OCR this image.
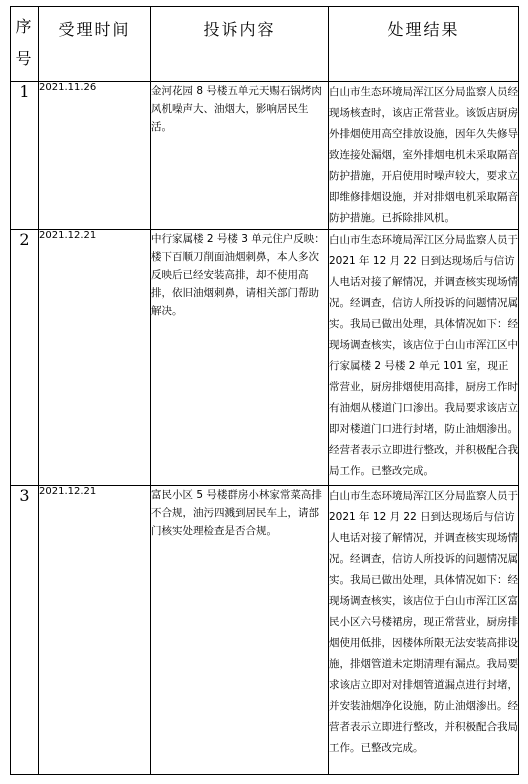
序号	受理时间	投诉内容	处理结果
1	2021.11.26	金河花园 8 号楼五单元天赐石锅烤肉风机噪声大、油烟大，影响居民生活。	白山市生态环境局浑江区分局监察人员经现场核查时，该店正常营业。该饭店厨房外排烟使用高空排放设施，因年久失修导致连接处漏烟，室外排烟电机未采取隔音防护措施，开启使用时噪声较大，要求立即维修排烟设施，并对排烟电机采取隔音防护措施。已拆除排风机。
2	2021.12.21	中行家属楼 2 号楼 3 单元住户反映：楼下百顺刀削面油烟刺鼻，本人多次反映后已经安装高排，却不使用高排，依旧油烟刺鼻，请相关部门帮助解决。	白山市生态环境局浑江区分局监察人员于 2021 年 12 月 22 日到达现场后与信访人电话对接了解情况，并调查核实现场情况。经调查，信访人所投诉的问题情况属实。我局已做出处理，具体情况如下：经现场调查核实，该店位于白山市浑江区中行家属楼 2 号楼 2 单元 101 室，现正常营业，厨房排烟使用高排，厨房工作时有油烟从楼道门口渗出。我局要求该店立即对楼道门口进行封堵，防止油烟渗出。经营者表示立即进行整改，并积极配合我局工作。已整改完成。
3	2021.12.21	富民小区 5 号楼群房小林家常菜高排不合规，油污四溅到居民车上，请部门核实处理检查是否合规。	白山市生态环境局浑江区分局监察人员于 2021 年 12 月 22 日到达现场后与信访人电话对接了解情况，并调查核实现场情况。经调查，信访人所投诉的问题情况属实。我局已做出处理，具体情况如下：经现场调查核实，该店位于白山市浑江区富民小区六号楼裙房，现正常营业，厨房排烟使用低排，因楼体所限无法安装高排设施，排烟管道未定期清理有漏点。我局要求该店立即对对排烟管道漏点进行封堵，并安装油烟净化设施，防止油烟渗出。经营者表示立即进行整改，并积极配合我局工作。已整改完成。
